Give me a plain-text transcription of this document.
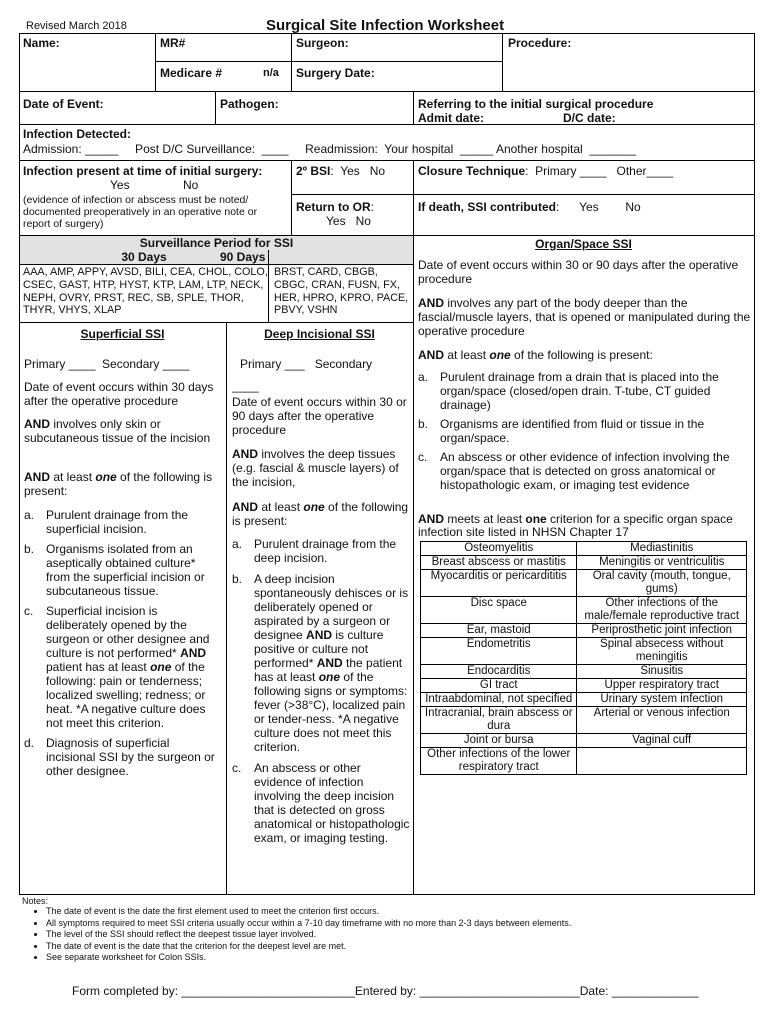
Revised March 2018	Surgical Site Infection Worksheet
Name:	MR#	Surgeon:	Procedure:
Medicare #	n/a Surgery Date:
Date of Event:	Pathogen:	Referring to the initial surgical procedure
Admit date:	D/C date:
Infection Detected:
Admission: _____     Post D/C Surveillance:  ____     Readmission:  Your hospital  _____ Another hospital  _______
Infection present at time of initial surgery:
Yes	No
(evidence of infection or abscess must be noted/ documented preoperatively in an operative note or report of surgery)
2º BSI:  Yes   No
Return to OR:
Yes   No
Closure Technique:  Primary ____   Other____
If death, SSI contributed:      Yes        No
Surveillance Period for SSI
30 Days	90 Days
AAA, AMP, APPY, AVSD, BILI, CEA, CHOL, COLO, CSEC, GAST, HTP, HYST, KTP, LAM, LTP, NECK, NEPH, OVRY, PRST, REC, SB, SPLE, THOR, THYR, VHYS, XLAP
BRST, CARD, CBGB, CBGC, CRAN, FUSN, FX, HER, HPRO, KPRO, PACE, PBVY, VSHN
Superficial SSI
Primary ____  Secondary ____
Date of event occurs within 30 days after the operative procedure
AND involves only skin or subcutaneous tissue of the incision
AND at least one of the following is present:
a. Purulent drainage from the superficial incision.
b. Organisms isolated from an aseptically obtained culture* from the superficial incision or subcutaneous tissue.
c. Superficial incision is deliberately opened by the surgeon or other designee and culture is not performed* AND patient has at least one of the following: pain or tenderness; localized swelling; redness; or heat. *A negative culture does not meet this criterion.
d. Diagnosis of superficial incisional SSI by the surgeon or other designee.
Deep Incisional SSI
Primary ___   Secondary
____
Date of event occurs within 30 or 90 days after the operative procedure
AND involves the deep tissues (e.g. fascial & muscle layers) of the incision,
AND at least one of the following is present:
a. Purulent drainage from the deep incision.
b. A deep incision spontaneously dehisces or is deliberately opened or aspirated by a surgeon or designee AND is culture positive or culture not performed* AND the patient has at least one of the following signs or symptoms: fever (>38°C), localized pain or tender-ness. *A negative culture does not meet this criterion.
c. An abscess or other evidence of infection involving the deep incision that is detected on gross anatomical or histopathologic exam, or imaging testing.
Organ/Space SSI
Date of event occurs within 30 or 90 days after the operative procedure
AND involves any part of the body deeper than the fascial/muscle layers, that is opened or manipulated during the operative procedure
AND at least one of the following is present:
a. Purulent drainage from a drain that is placed into the organ/space (closed/open drain. T-tube, CT guided drainage)
b. Organisms are identified from fluid or tissue in the organ/space.
c. An abscess or other evidence of infection involving the organ/space that is detected on gross anatomical or histopathologic exam, or imaging test evidence
AND meets at least one criterion for a specific organ space infection site listed in NHSN Chapter 17
Osteomyelitis	Mediastinitis
Breast abscess or mastitis	Meningitis or ventriculitis
Myocarditis or pericardititis	Oral cavity (mouth, tongue, gums)
Disc space	Other infections of the male/female reproductive tract
Ear, mastoid	Periprosthetic joint infection
Endometritis	Spinal absecess without meningitis
Endocarditis	Sinusitis
GI tract	Upper respiratory tract
Intraabdominal, not specified	Urinary system infection
Intracranial, brain abscess or dura	Arterial or venous infection
Joint or bursa	Vaginal cuff
Other infections of the lower respiratory tract	
Notes:
• The date of event is the date the first element used to meet the criterion first occurs.
• All symptoms required to meet SSI criteria usually occur within a 7-10 day timeframe with no more than 2-3 days between elements.
• The level of the SSI should reflect the deepest tissue layer involved.
• The date of event is the date that the criterion for the deepest level are met.
• See separate worksheet for Colon SSIs.
Form completed by: __________________________Entered by: ________________________Date: _____________
